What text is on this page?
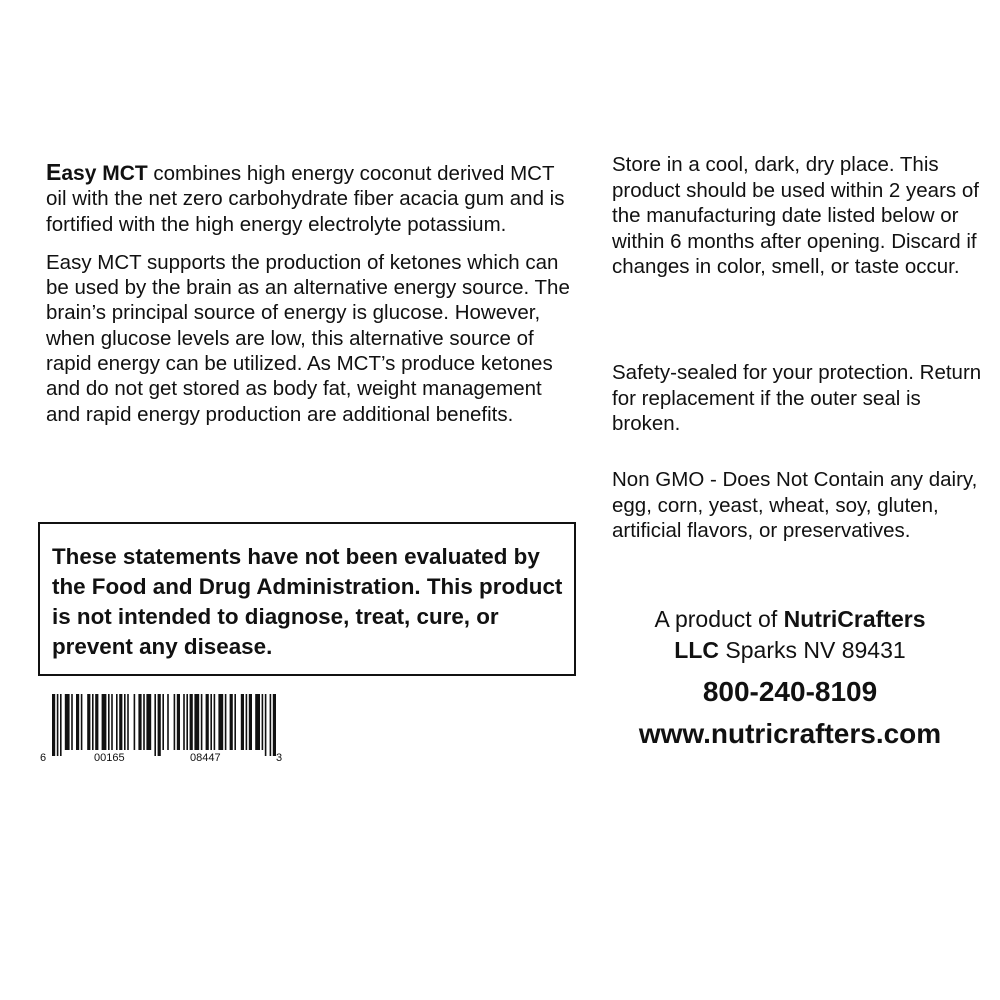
Easy MCT combines high energy coconut derived MCT oil with the net zero carbohydrate fiber acacia gum and is fortified with the high energy electrolyte potassium.

Easy MCT supports the production of ketones which can be used by the brain as an alternative energy source. The brain’s principal source of energy is glucose. However, when glucose levels are low, this alternative source of rapid energy can be utilized. As MCT’s produce ketones and do not get stored as body fat, weight management and rapid energy production are additional benefits.

These statements have not been evaluated by the Food and Drug Administration. This product is not intended to diagnose, treat, cure, or prevent any disease.

Store in a cool, dark, dry place. This product should be used within 2 years of the manufacturing date listed below or within 6 months after opening. Discard if changes in color, smell, or taste occur.

Safety-sealed for your protection. Return for replacement if the outer seal is broken.

Non GMO - Does Not Contain any dairy, egg, corn, yeast, wheat, soy, gluten, artificial flavors, or preservatives.

A product of NutriCrafters
LLC Sparks NV 89431
800-240-8109
www.nutricrafters.com
6	00165	08447	3
